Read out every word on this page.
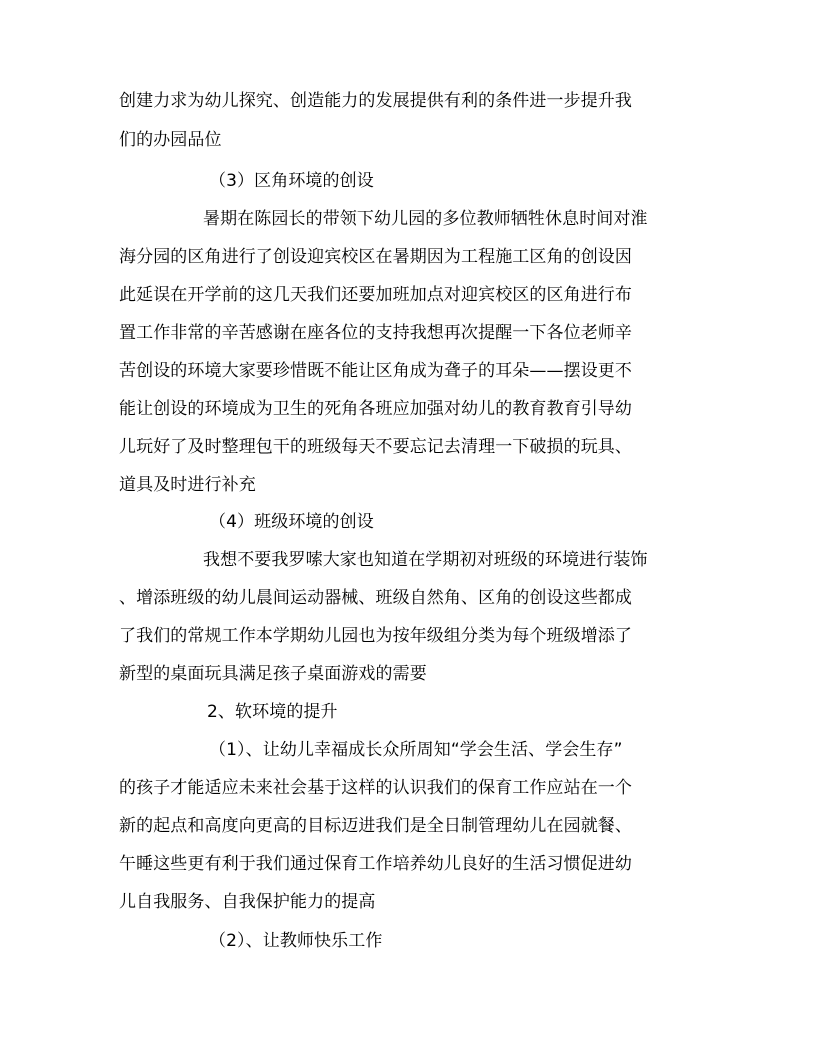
创建力求为幼儿探究、创造能力的发展提供有利的条件进一步提升我
们的办园品位
（3）区角环境的创设
暑期在陈园长的带领下幼儿园的多位教师牺牲休息时间对淮
海分园的区角进行了创设迎宾校区在暑期因为工程施工区角的创设因
此延误在开学前的这几天我们还要加班加点对迎宾校区的区角进行布
置工作非常的辛苦感谢在座各位的支持我想再次提醒一下各位老师辛
苦创设的环境大家要珍惜既不能让区角成为聋子的耳朵——摆设更不
能让创设的环境成为卫生的死角各班应加强对幼儿的教育教育引导幼
儿玩好了及时整理包干的班级每天不要忘记去清理一下破损的玩具、
道具及时进行补充
（4）班级环境的创设
我想不要我罗嗦大家也知道在学期初对班级的环境进行装饰
、增添班级的幼儿晨间运动器械、班级自然角、区角的创设这些都成
了我们的常规工作本学期幼儿园也为按年级组分类为每个班级增添了
新型的桌面玩具满足孩子桌面游戏的需要
2、软环境的提升
（1）、让幼儿幸福成长众所周知“学会生活、学会生存”
的孩子才能适应未来社会基于这样的认识我们的保育工作应站在一个
新的起点和高度向更高的目标迈进我们是全日制管理幼儿在园就餐、
午睡这些更有利于我们通过保育工作培养幼儿良好的生活习惯促进幼
儿自我服务、自我保护能力的提高
（2）、让教师快乐工作
